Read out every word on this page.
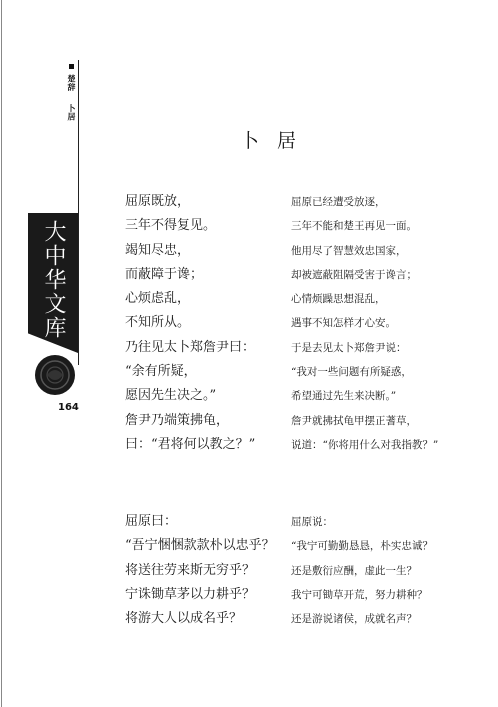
楚辞  卜居
大中华文库
164
卜居
屈原既放，
三年不得复见。
竭知尽忠，
而蔽障于谗；
心烦虑乱，
不知所从。
乃往见太卜郑詹尹曰：
“余有所疑，
愿因先生决之。”
詹尹乃端策拂龟，
曰：“君将何以教之？”
屈原已经遭受放逐，
三年不能和楚王再见一面。
他用尽了智慧效忠国家，
却被遮蔽阻隔受害于谗言；
心情烦躁思想混乱，
遇事不知怎样才心安。
于是去见太卜郑詹尹说：
“我对一些问题有所疑惑，
希望通过先生来决断。”
詹尹就拂拭龟甲摆正蓍草，
说道：“你将用什么对我指教？”
屈原曰：
“吾宁悃悃款款朴以忠乎？
将送往劳来斯无穷乎？
宁诛锄草茅以力耕乎？
将游大人以成名乎？
屈原说：
“我宁可勤勤恳恳，朴实忠诚？
还是敷衍应酬，虚此一生？
我宁可锄草开荒，努力耕种？
还是游说诸侯，成就名声？
